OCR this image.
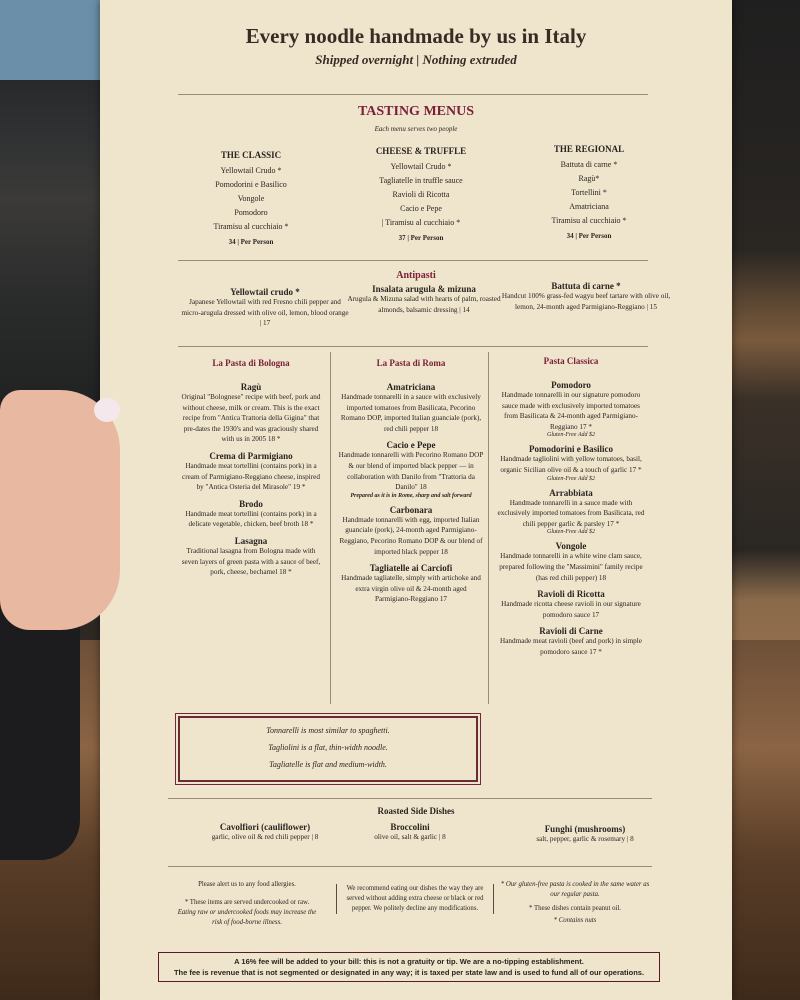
Every noodle handmade by us in Italy
Shipped overnight | Nothing extruded
TASTING MENUS
Each menu serves two people
THE CLASSIC
Yellowtail Crudo *
Pomodorini e Basilico
Vongole
Pomodoro
Tiramisu al cucchiaio *
34 | Per Person
CHEESE & TRUFFLE
Yellowtail Crudo *
Tagliatelle in truffle sauce
Ravioli di Ricotta
Cacio e Pepe
| Tiramisu al cucchiaio *
37 | Per Person
THE REGIONAL
Battuta di carne *
Ragù*
Tortellini *
Amatriciana
Tiramisu al cucchiaio *
34 | Per Person
Antipasti
Yellowtail crudo *
Japanese Yellowtail with red Fresno chili pepper and micro-arugula dressed with olive oil, lemon, blood orange | 17
Insalata arugula & mizuna
Arugula & Mizuna salad with hearts of palm, roasted almonds, balsamic dressing | 14
Battuta di carne *
Handcut 100% grass-fed wagyu beef tartare with olive oil, lemon, 24-month aged Parmigiano-Reggiano | 15
La Pasta di Bologna
Ragù
Original "Bolognese" recipe with beef, pork and without cheese, milk or cream. This is the exact recipe from "Antica Trattoria della Gigina" that pre-dates the 1930's and was graciously shared with us in 2005 18 *
Crema di Parmigiano
Handmade meat tortellini (contains pork) in a cream of Parmigiano-Reggiano cheese, inspired by "Antica Osteria del Mirasole" 19 *
Brodo
Handmade meat tortellini (contains pork) in a delicate vegetable, chicken, beef broth 18 *
Lasagna
Traditional lasagna from Bologna made with seven layers of green pasta with a sauce of beef, pork, cheese, bechamel 18 *
La Pasta di Roma
Amatriciana
Handmade tonnarelli in a sauce with exclusively imported tomatoes from Basilicata, Pecorino Romano DOP, imported Italian guanciale (pork), red chili pepper 18
Cacio e Pepe
Handmade tonnarelli with Pecorino Romano DOP & our blend of imported black pepper — in collaboration with Danilo from "Trattoria da Danilo" 18
Prepared as it is in Rome, sharp and salt forward
Carbonara
Handmade tonnarelli with egg, imported Italian guanciale (pork), 24-month aged Parmigiano-Reggiano, Pecorino Romano DOP & our blend of imported black pepper 18
Tagliatelle ai Carciofi
Handmade tagliatelle, simply with artichoke and extra virgin olive oil & 24-month aged Parmigiano-Reggiano 17
Pasta Classica
Pomodoro
Handmade tonnarelli in our signature pomodoro sauce made with exclusively imported tomatoes from Basilicata & 24-month aged Parmigiano-Reggiano 17 *
Gluten-Free Add $2
Pomodorini e Basilico
Handmade tagliolini with yellow tomatoes, basil, organic Sicilian olive oil & a touch of garlic 17 *
Gluten-Free Add $2
Arrabbiata
Handmade tonnarelli in a sauce made with exclusively imported tomatoes from Basilicata, red chili pepper garlic & parsley 17 *
Gluten-Free Add $2
Vongole
Handmade tonnarelli in a white wine clam sauce, prepared following the "Massimini" family recipe (has red chili pepper) 18
Ravioli di Ricotta
Handmade ricotta cheese ravioli in our signature pomodoro sauce 17
Ravioli di Carne
Handmade meat ravioli (beef and pork) in simple pomodoro sauce 17 *
Tonnarelli is most similar to spaghetti.
Tagliolini is a flat, thin-width noodle.
Tagliatelle is flat and medium-width.
Roasted Side Dishes
Cavolfiori (cauliflower)
garlic, olive oil & red chili pepper | 8
Broccolini
olive oil, salt & garlic | 8
Funghi (mushrooms)
salt, pepper, garlic & rosemary | 8
Please alert us to any food allergies.
* These items are served undercooked or raw.
Eating raw or undercooked foods may increase the risk of food-borne illness.
We recommend eating our dishes the way they are served without adding extra cheese or black or red pepper. We politely decline any modifications.
* Our gluten-free pasta is cooked in the same water as our regular pasta.
* These dishes contain peanut oil.
* Contains nuts
A 16% fee will be added to your bill: this is not a gratuity or tip. We are a no-tipping establishment.
The fee is revenue that is not segmented or designated in any way; it is taxed per state law and is used to fund all of our operations.
